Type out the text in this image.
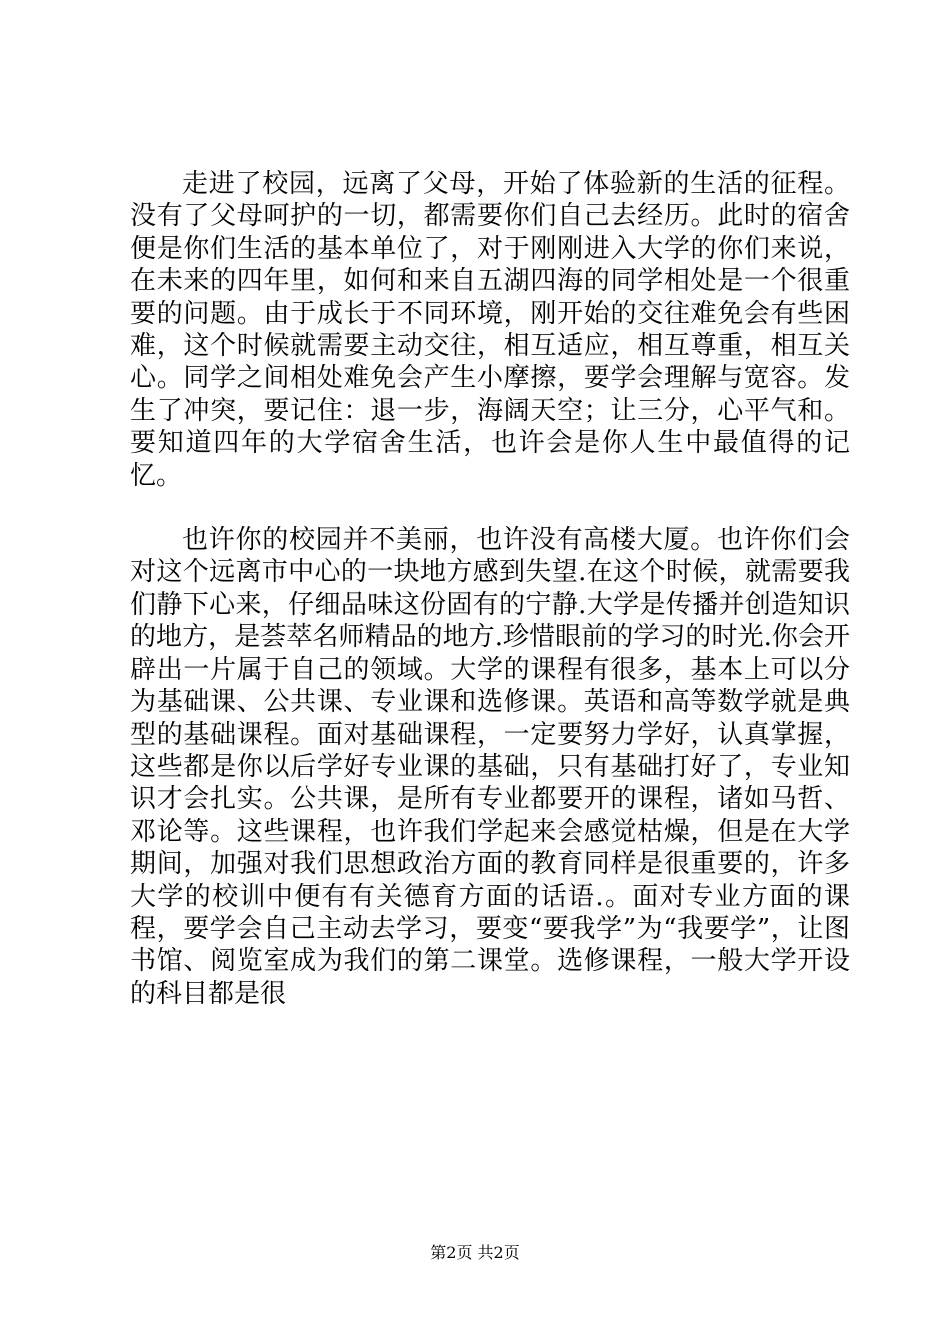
走进了校园，远离了父母，开始了体验新的生活的征程。没有了父母呵护的一切，都需要你们自己去经历。此时的宿舍便是你们生活的基本单位了，对于刚刚进入大学的你们来说，在未来的四年里，如何和来自五湖四海的同学相处是一个很重要的问题。由于成长于不同环境，刚开始的交往难免会有些困难，这个时候就需要主动交往，相互适应，相互尊重，相互关心。同学之间相处难免会产生小摩擦，要学会理解与宽容。发生了冲突，要记住：退一步，海阔天空；让三分，心平气和。要知道四年的大学宿舍生活，也许会是你人生中最值得的记忆。

也许你的校园并不美丽，也许没有高楼大厦。也许你们会对这个远离市中心的一块地方感到失望.在这个时候，就需要我们静下心来，仔细品味这份固有的宁静.大学是传播并创造知识的地方，是荟萃名师精品的地方.珍惜眼前的学习的时光.你会开辟出一片属于自己的领域。大学的课程有很多，基本上可以分为基础课、公共课、专业课和选修课。英语和高等数学就是典型的基础课程。面对基础课程，一定要努力学好，认真掌握，这些都是你以后学好专业课的基础，只有基础打好了，专业知识才会扎实。公共课，是所有专业都要开的课程，诸如马哲、邓论等。这些课程，也许我们学起来会感觉枯燥，但是在大学期间，加强对我们思想政治方面的教育同样是很重要的，许多大学的校训中便有有关德育方面的话语.。面对专业方面的课程，要学会自己主动去学习，要变“要我学”为“我要学”，让图书馆、阅览室成为我们的第二课堂。选修课程，一般大学开设的科目都是很

第2页 共2页
